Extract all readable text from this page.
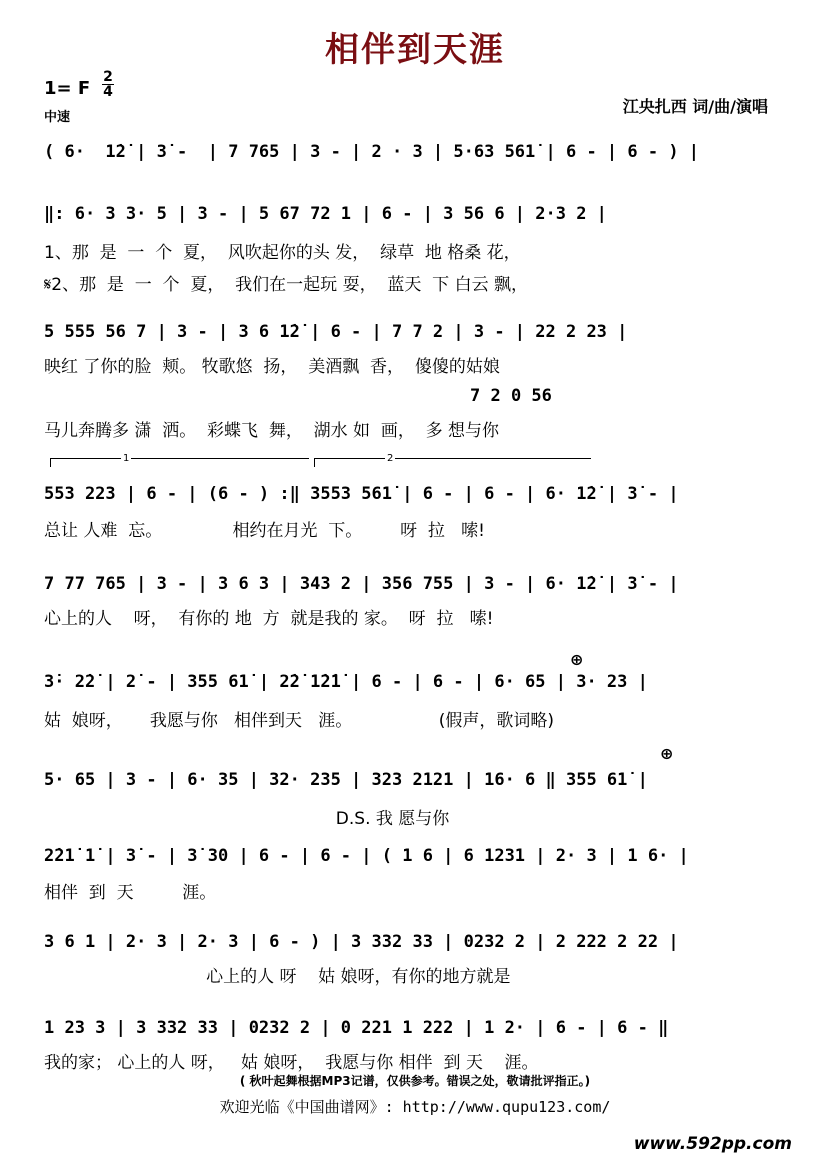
相伴到天涯
1= F
2
4
中速
江央扎西 词/曲/演唱
( 6·  1̇2̇ | 3̇ -  | 7 765 | 3 - | 2 · 3 | 5·63 561̇ | 6 - | 6 - ) |
‖: 6· 3 3· 5 | 3 - | 5 67 72 1 | 6 - | 3 56 6 | 2·3 2 |
1、那  是  一  个  夏，  风吹起你的头 发，  绿草  地 格桑 花，
𝄋2、那  是  一  个  夏，  我们在一起玩 耍，  蓝天  下 白云 飘，
5 555 56 7 | 3 - | 3 6 1̇2̇ | 6 - | 7 7 2 | 3 - | 22 2 23 |
映红 了你的脸  颊。 牧歌悠  扬，  美酒飘  香，  傻傻的姑娘
7 2 0 56
马儿奔腾多 潇  洒。  彩蝶飞  舞，  湖水 如  画，  多 想与你
1	2
553 223 | 6 - | (6 - ) :‖ 3553 561̇ | 6 - | 6 - | 6· 1̇2̇ | 3̇ - |
总让 人难  忘。             相约在月光  下。       呀  拉   嗦!
7 77 765 | 3 - | 3 6 3 | 343 2 | 356 755 | 3 - | 6· 1̇2̇ | 3̇ - |
心上的人    呀，  有你的 地  方  就是我的 家。  呀  拉   嗦!
⊕
3̇· 2̇2̇ | 2̇ - | 355 61̇ | 2̇2̇ 1̇2̇1̇ | 6 - | 6 - | 6· 65 | 3· 23 |
姑  娘呀，     我愿与你   相伴到天   涯。                (假声，歌词略)
⊕
5· 65 | 3 - | 6· 35 | 32· 235 | 323 2121 | 16· 6 ‖ 355 61̇ |
D.S. 我 愿与你
2̇21̇ 1̇ | 3̇ - | 3̇ 30 | 6 - | 6 - | ( 1 6 | 6 1231 | 2· 3 | 1 6· |
相伴  到  天         涯。
3 6 1 | 2· 3 | 2· 3 | 6 - ) | 3 332 33 | 0232 2 | 2 222 2 22 |
心上的人 呀    姑 娘呀，有你的地方就是
1 23 3 | 3 332 33 | 0232 2 | 0 221 1 222 | 1 2· | 6 - | 6 - ‖
我的家； 心上的人 呀，   姑 娘呀，  我愿与你 相伴  到 天    涯。
( 秋叶起舞根据MP3记谱，仅供参考。错误之处，敬请批评指正。)
欢迎光临《中国曲谱网》: http://www.qupu123.com/
www.592pp.com
